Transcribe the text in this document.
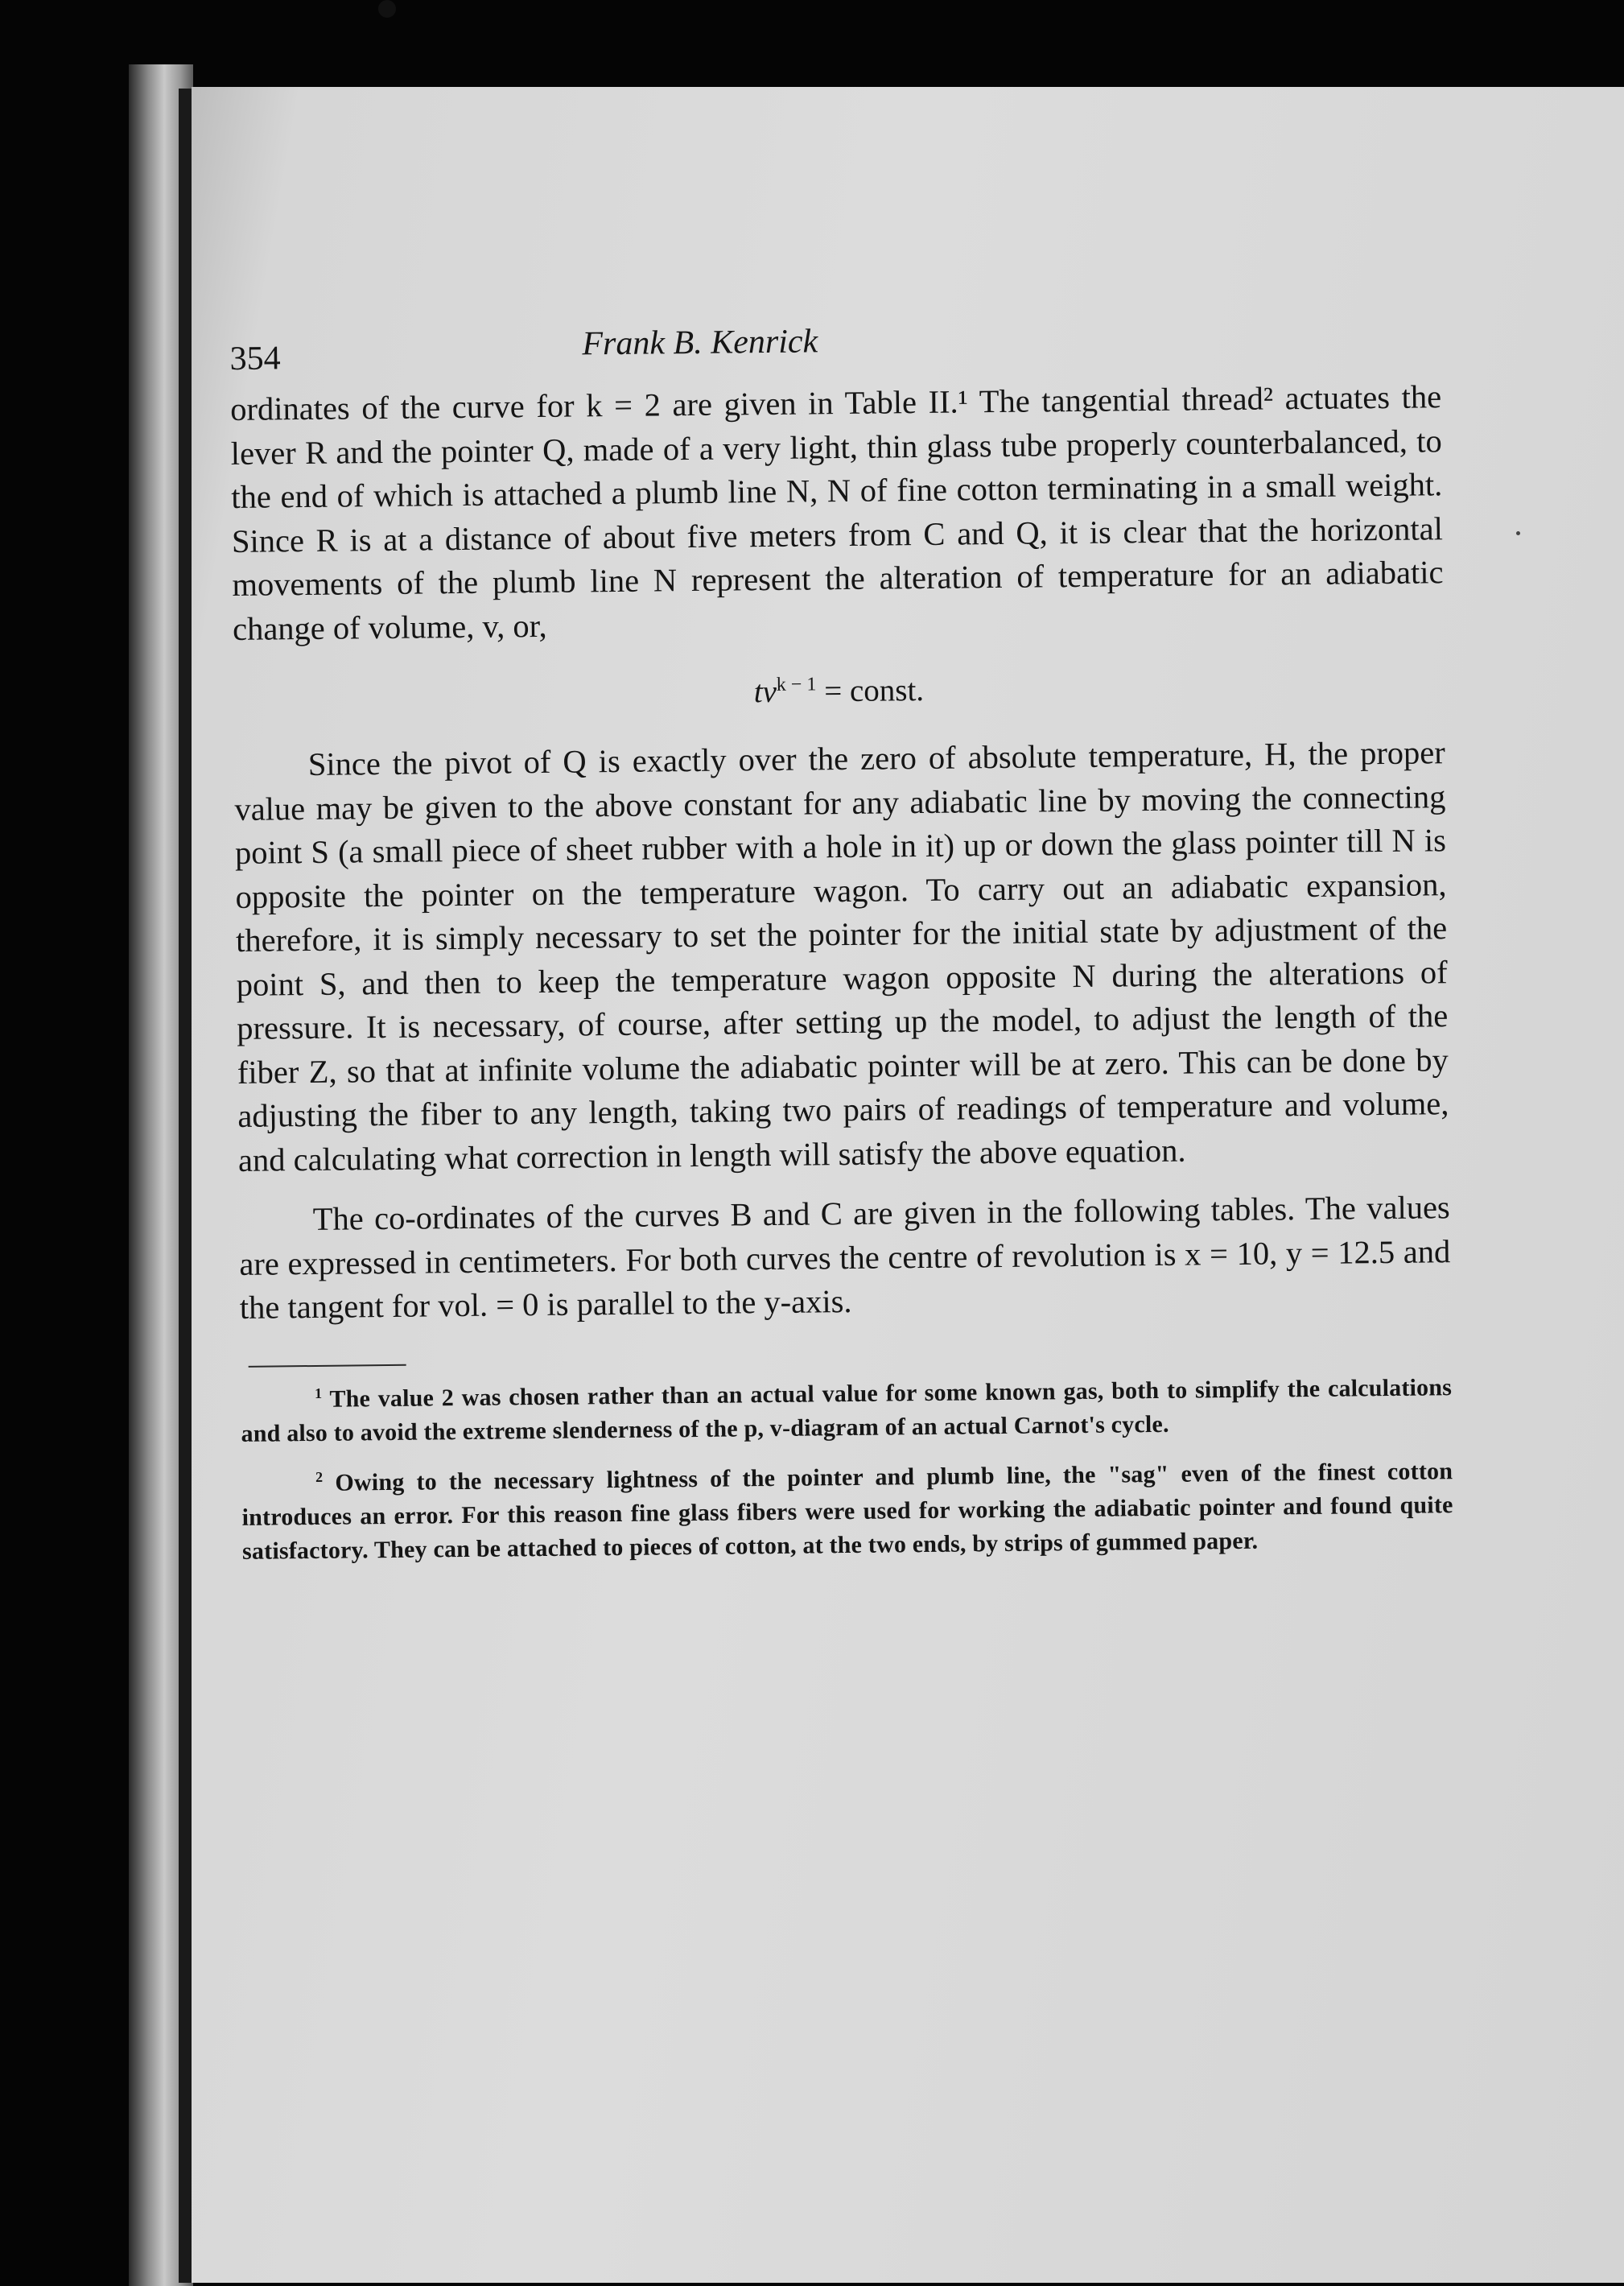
354	Frank B. Kenrick

ordinates of the curve for k = 2 are given in Table II.¹ The tangential thread² actuates the lever R and the pointer Q, made of a very light, thin glass tube properly counterbalanced, to the end of which is attached a plumb line N, N of fine cotton terminating in a small weight. Since R is at a distance of about five meters from C and Q, it is clear that the horizontal movements of the plumb line N represent the alteration of temperature for an adiabatic change of volume, v, or,

$tv^{k - 1}$ = const.

Since the pivot of Q is exactly over the zero of absolute temperature, H, the proper value may be given to the above constant for any adiabatic line by moving the connecting point S (a small piece of sheet rubber with a hole in it) up or down the glass pointer till N is opposite the pointer on the temperature wagon. To carry out an adiabatic expansion, therefore, it is simply necessary to set the pointer for the initial state by adjustment of the point S, and then to keep the temperature wagon opposite N during the alterations of pressure. It is necessary, of course, after setting up the model, to adjust the length of the fiber Z, so that at infinite volume the adiabatic pointer will be at zero. This can be done by adjusting the fiber to any length, taking two pairs of readings of temperature and volume, and calculating what correction in length will satisfy the above equation.

The co-ordinates of the curves B and C are given in the following tables. The values are expressed in centimeters. For both curves the centre of revolution is x = 10, y = 12.5 and the tangent for vol. = 0 is parallel to the y-axis.

$^1$ The value 2 was chosen rather than an actual value for some known gas, both to simplify the calculations and also to avoid the extreme slenderness of the p, v-diagram of an actual Carnot's cycle.

$^2$ Owing to the necessary lightness of the pointer and plumb line, the "sag" even of the finest cotton introduces an error. For this reason fine glass fibers were used for working the adiabatic pointer and found quite satisfactory. They can be attached to pieces of cotton, at the two ends, by strips of gummed paper.
